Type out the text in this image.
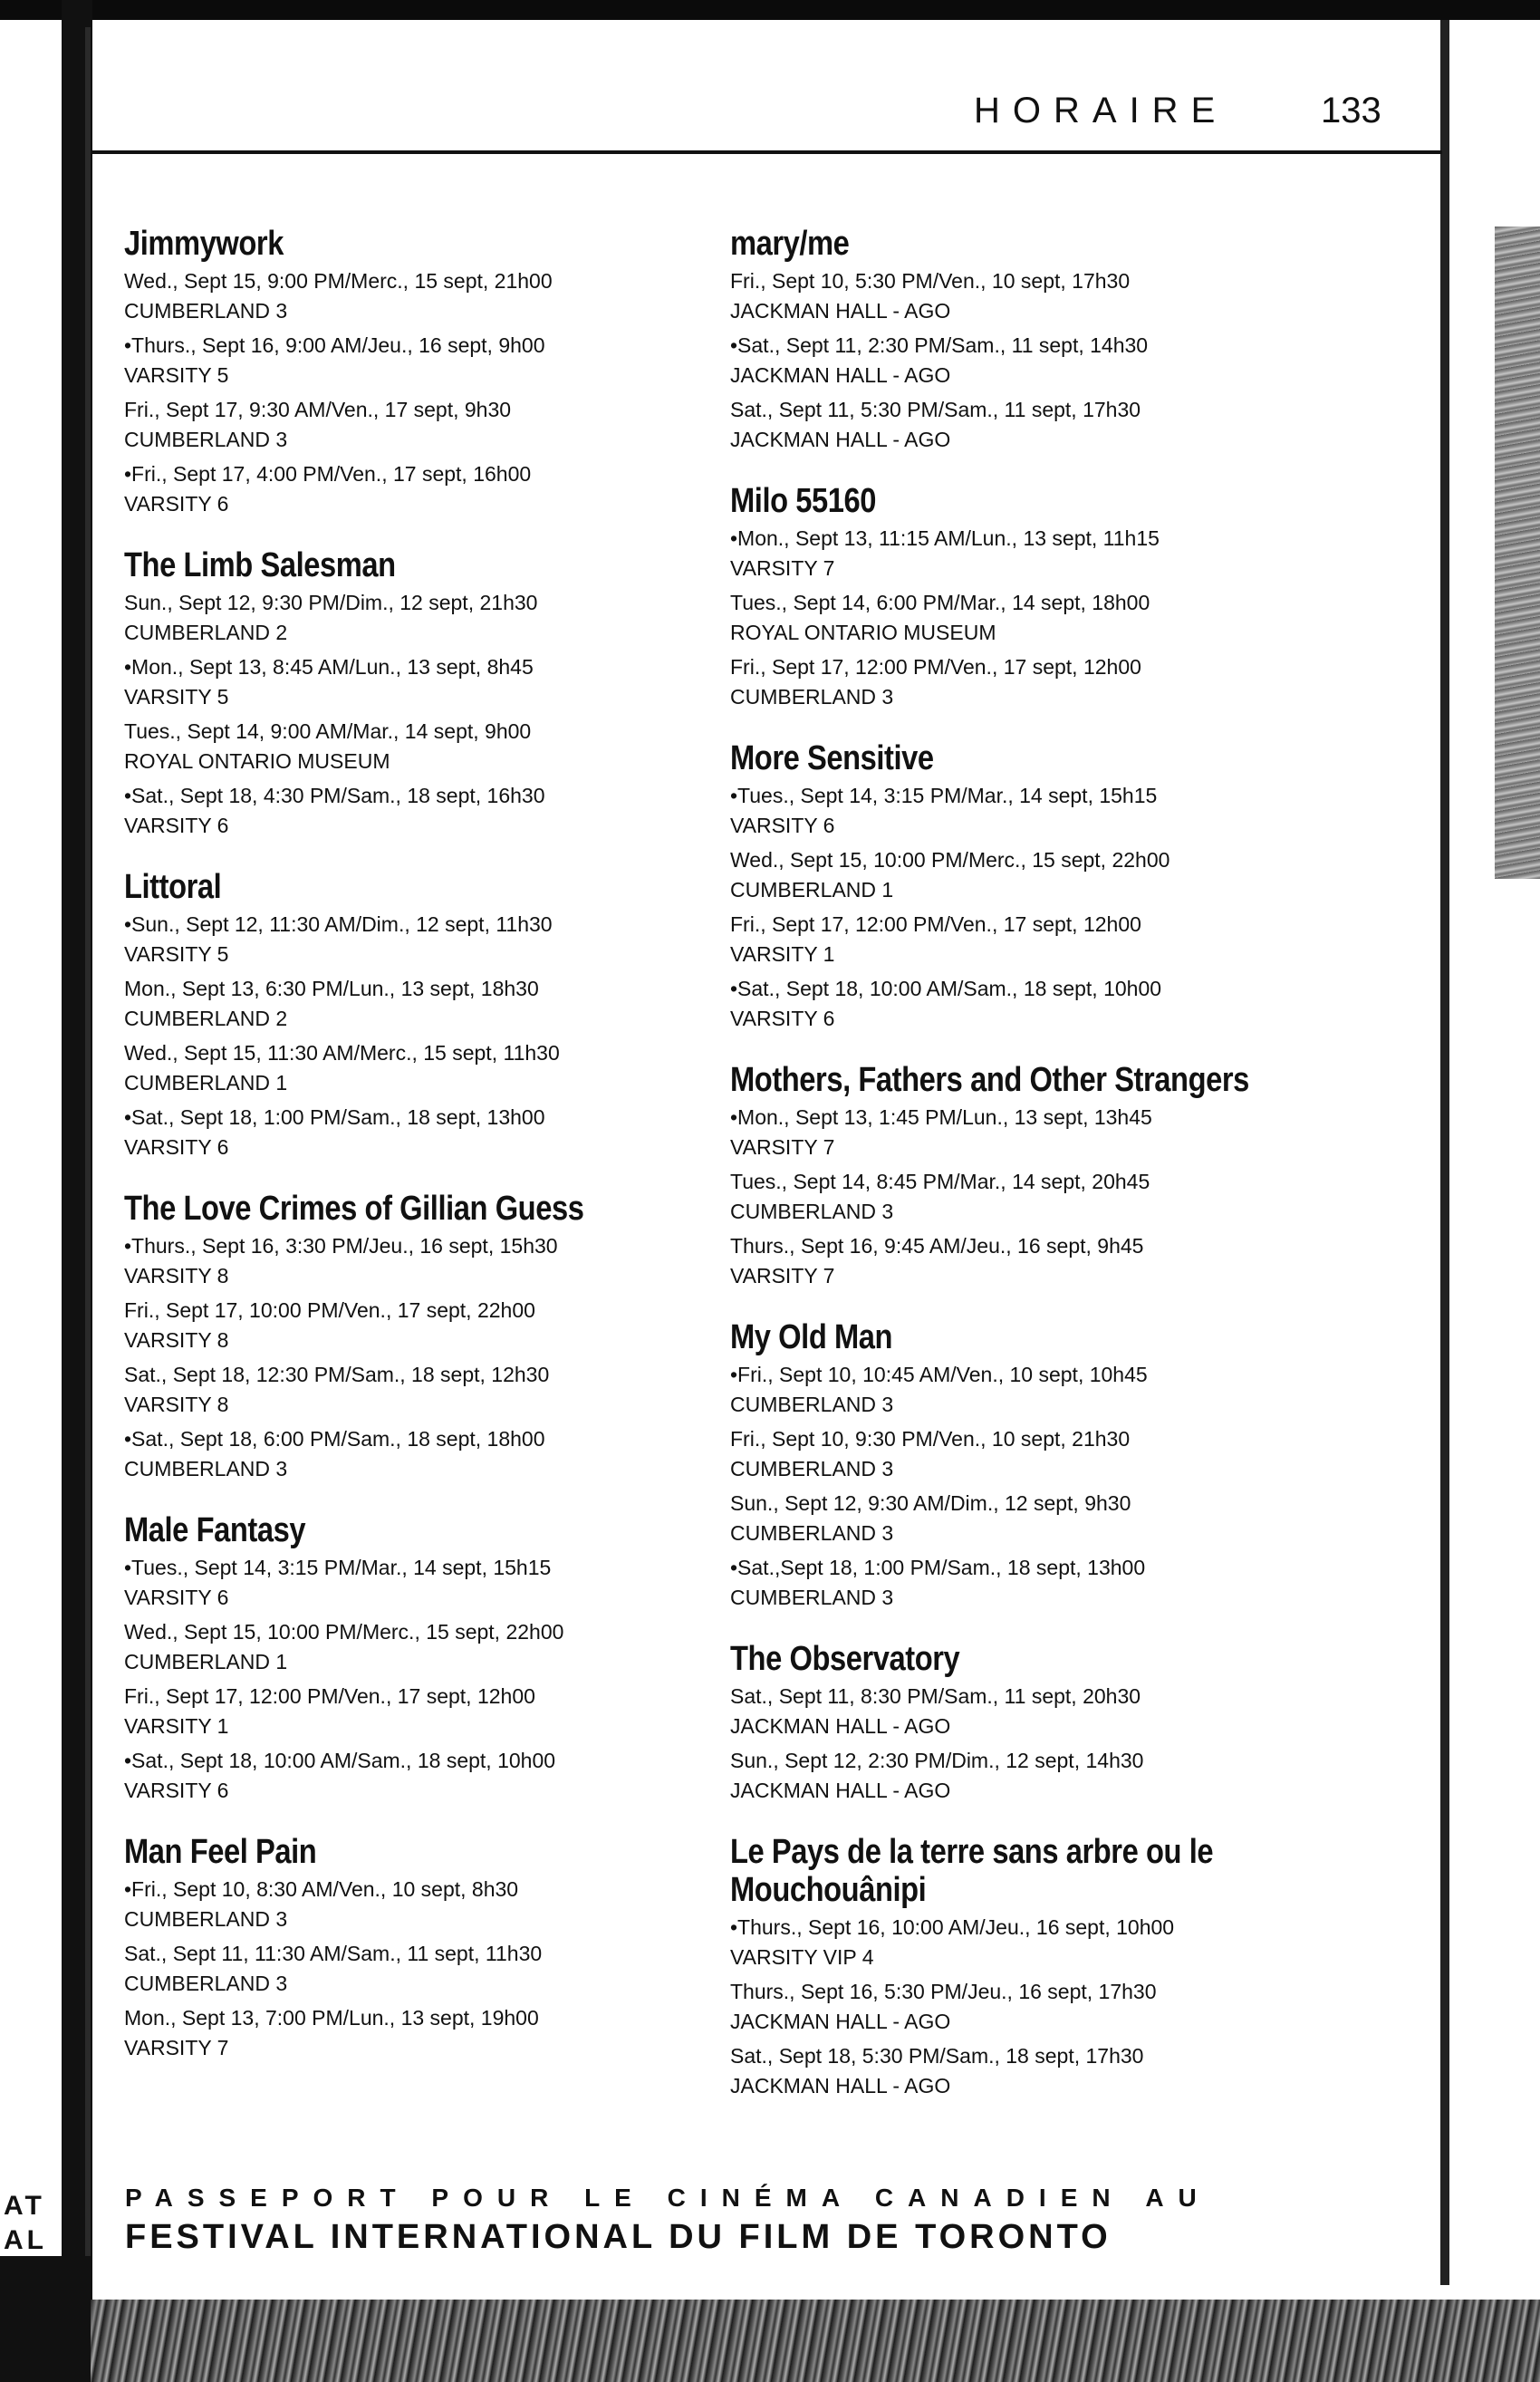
AT
AL
HORAIRE	133
Jimmywork
Wed., Sept 15, 9:00 PM/Merc., 15 sept, 21h00
CUMBERLAND 3
•Thurs., Sept 16, 9:00 AM/Jeu., 16 sept, 9h00
VARSITY 5
Fri., Sept 17, 9:30 AM/Ven., 17 sept, 9h30
CUMBERLAND 3
•Fri., Sept 17, 4:00 PM/Ven., 17 sept, 16h00
VARSITY 6
The Limb Salesman
Sun., Sept 12, 9:30 PM/Dim., 12 sept, 21h30
CUMBERLAND 2
•Mon., Sept 13, 8:45 AM/Lun., 13 sept, 8h45
VARSITY 5
Tues., Sept 14, 9:00 AM/Mar., 14 sept, 9h00
ROYAL ONTARIO MUSEUM
•Sat., Sept 18, 4:30 PM/Sam., 18 sept, 16h30
VARSITY 6
Littoral
•Sun., Sept 12, 11:30 AM/Dim., 12 sept, 11h30
VARSITY 5
Mon., Sept 13, 6:30 PM/Lun., 13 sept, 18h30
CUMBERLAND 2
Wed., Sept 15, 11:30 AM/Merc., 15 sept, 11h30
CUMBERLAND 1
•Sat., Sept 18, 1:00 PM/Sam., 18 sept, 13h00
VARSITY 6
The Love Crimes of Gillian Guess
•Thurs., Sept 16, 3:30 PM/Jeu., 16 sept, 15h30
VARSITY 8
Fri., Sept 17, 10:00 PM/Ven., 17 sept, 22h00
VARSITY 8
Sat., Sept 18, 12:30 PM/Sam., 18 sept, 12h30
VARSITY 8
•Sat., Sept 18, 6:00 PM/Sam., 18 sept, 18h00
CUMBERLAND 3
Male Fantasy
•Tues., Sept 14, 3:15 PM/Mar., 14 sept, 15h15
VARSITY 6
Wed., Sept 15, 10:00 PM/Merc., 15 sept, 22h00
CUMBERLAND 1
Fri., Sept 17, 12:00 PM/Ven., 17 sept, 12h00
VARSITY 1
•Sat., Sept 18, 10:00 AM/Sam., 18 sept, 10h00
VARSITY 6
Man Feel Pain
•Fri., Sept 10, 8:30 AM/Ven., 10 sept, 8h30
CUMBERLAND 3
Sat., Sept 11, 11:30 AM/Sam., 11 sept, 11h30
CUMBERLAND 3
Mon., Sept 13, 7:00 PM/Lun., 13 sept, 19h00
VARSITY 7
mary/me
Fri., Sept 10, 5:30 PM/Ven., 10 sept, 17h30
JACKMAN HALL - AGO
•Sat., Sept 11, 2:30 PM/Sam., 11 sept, 14h30
JACKMAN HALL - AGO
Sat., Sept 11, 5:30 PM/Sam., 11 sept, 17h30
JACKMAN HALL - AGO
Milo 55160
•Mon., Sept 13, 11:15 AM/Lun., 13 sept, 11h15
VARSITY 7
Tues., Sept 14, 6:00 PM/Mar., 14 sept, 18h00
ROYAL ONTARIO MUSEUM
Fri., Sept 17, 12:00 PM/Ven., 17 sept, 12h00
CUMBERLAND 3
More Sensitive
•Tues., Sept 14, 3:15 PM/Mar., 14 sept, 15h15
VARSITY 6
Wed., Sept 15, 10:00 PM/Merc., 15 sept, 22h00
CUMBERLAND 1
Fri., Sept 17, 12:00 PM/Ven., 17 sept, 12h00
VARSITY 1
•Sat., Sept 18, 10:00 AM/Sam., 18 sept, 10h00
VARSITY 6
Mothers, Fathers and Other Strangers
•Mon., Sept 13, 1:45 PM/Lun., 13 sept, 13h45
VARSITY 7
Tues., Sept 14, 8:45 PM/Mar., 14 sept, 20h45
CUMBERLAND 3
Thurs., Sept 16, 9:45 AM/Jeu., 16 sept, 9h45
VARSITY 7
My Old Man
•Fri., Sept 10, 10:45 AM/Ven., 10 sept, 10h45
CUMBERLAND 3
Fri., Sept 10, 9:30 PM/Ven., 10 sept, 21h30
CUMBERLAND 3
Sun., Sept 12, 9:30 AM/Dim., 12 sept, 9h30
CUMBERLAND 3
•Sat.,Sept 18, 1:00 PM/Sam., 18 sept, 13h00
CUMBERLAND 3
The Observatory
Sat., Sept 11, 8:30 PM/Sam., 11 sept, 20h30
JACKMAN HALL - AGO
Sun., Sept 12, 2:30 PM/Dim., 12 sept, 14h30
JACKMAN HALL - AGO
Le Pays de la terre sans arbre ou le Mouchouânipi
•Thurs., Sept 16, 10:00 AM/Jeu., 16 sept, 10h00
VARSITY VIP 4
Thurs., Sept 16, 5:30 PM/Jeu., 16 sept, 17h30
JACKMAN HALL - AGO
Sat., Sept 18, 5:30 PM/Sam., 18 sept, 17h30
JACKMAN HALL - AGO
PASSEPORT POUR LE CINÉMA CANADIEN AU
FESTIVAL INTERNATIONAL DU FILM DE TORONTO
